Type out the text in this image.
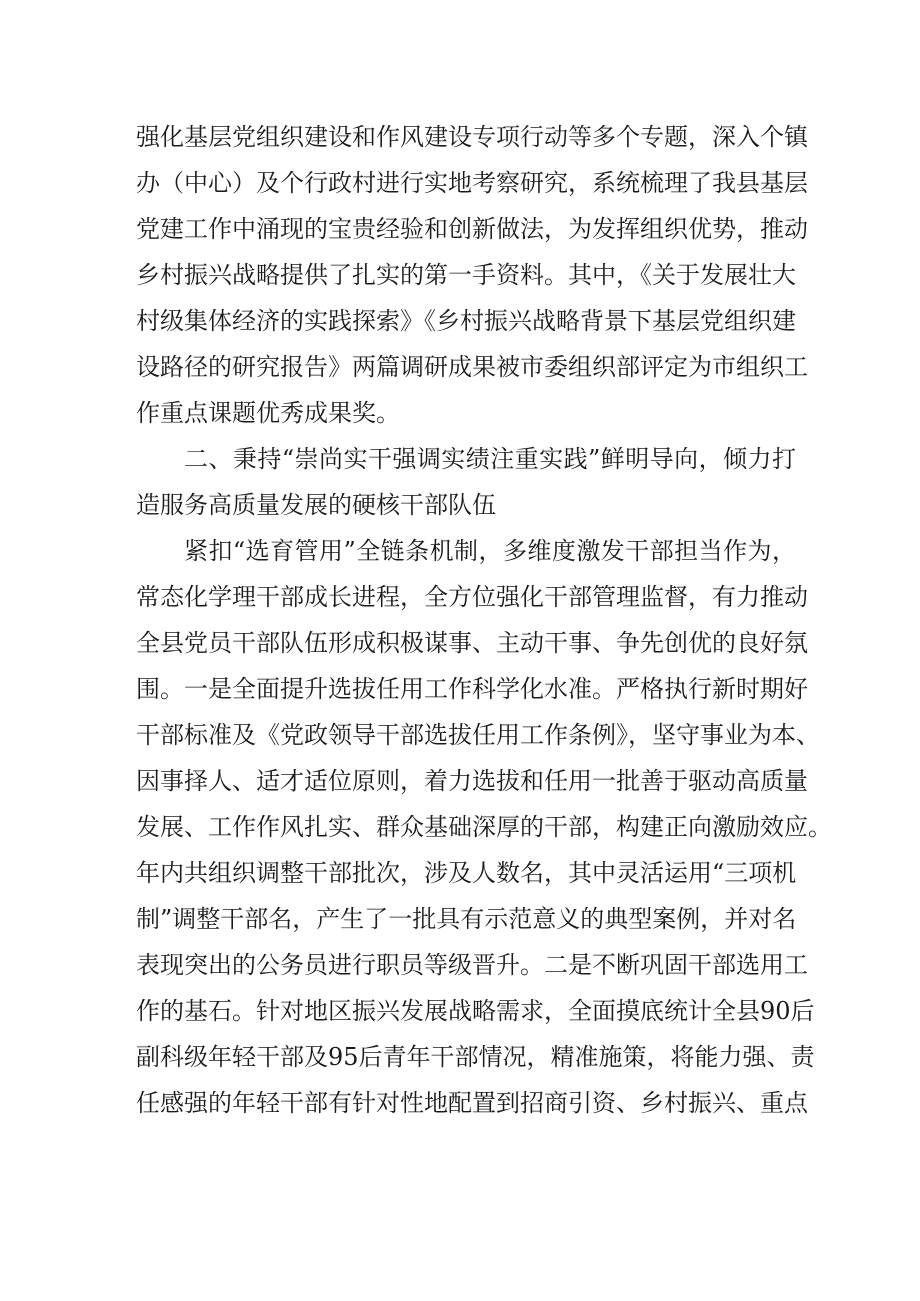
强化基层党组织建设和作风建设专项行动等多个专题，深入个镇
办（中心）及个行政村进行实地考察研究，系统梳理了我县基层
党建工作中涌现的宝贵经验和创新做法，为发挥组织优势，推动
乡村振兴战略提供了扎实的第一手资料。其中，《关于发展壮大
村级集体经济的实践探索》《乡村振兴战略背景下基层党组织建
设路径的研究报告》两篇调研成果被市委组织部评定为市组织工
作重点课题优秀成果奖。
二、秉持“崇尚实干强调实绩注重实践”鲜明导向，倾力打
造服务高质量发展的硬核干部队伍
紧扣“选育管用”全链条机制，多维度激发干部担当作为，
常态化学理干部成长进程，全方位强化干部管理监督，有力推动
全县党员干部队伍形成积极谋事、主动干事、争先创优的良好氛
围。一是全面提升选拔任用工作科学化水准。严格执行新时期好
干部标准及《党政领导干部选拔任用工作条例》，坚守事业为本、
因事择人、适才适位原则，着力选拔和任用一批善于驱动高质量
发展、工作作风扎实、群众基础深厚的干部，构建正向激励效应。
年内共组织调整干部批次，涉及人数名，其中灵活运用“三项机
制”调整干部名，产生了一批具有示范意义的典型案例，并对名
表现突出的公务员进行职员等级晋升。二是不断巩固干部选用工
作的基石。针对地区振兴发展战略需求，全面摸底统计全县90后
副科级年轻干部及95后青年干部情况，精准施策，将能力强、责
任感强的年轻干部有针对性地配置到招商引资、乡村振兴、重点
